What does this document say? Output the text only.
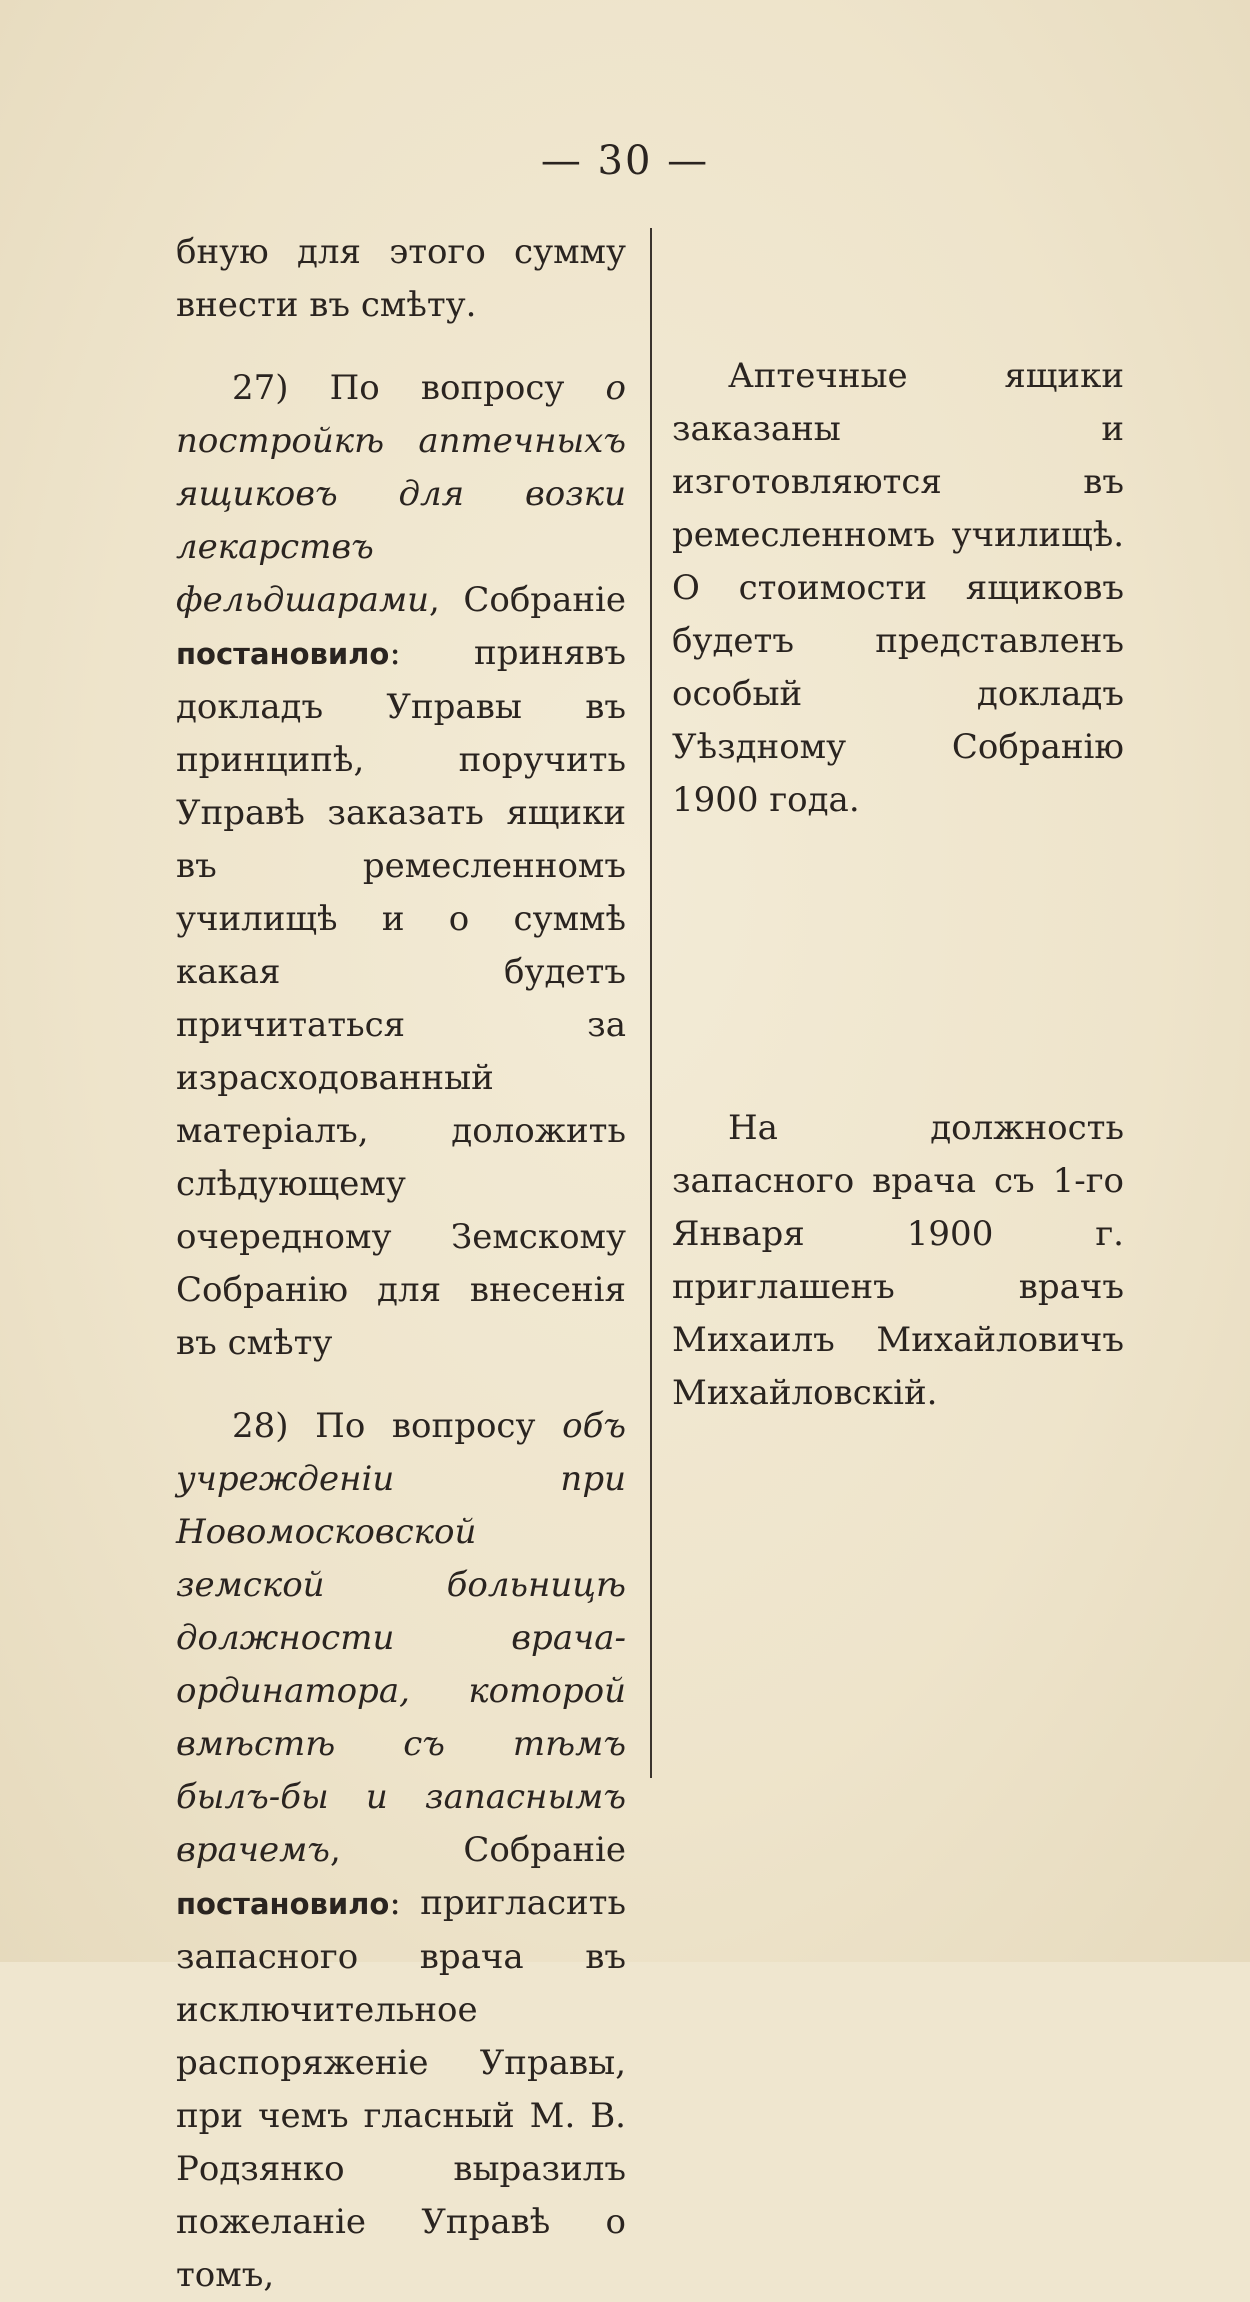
— 30 —

бную для этого сумму внести въ смѣту.

27) По вопросу о постройкѣ аптечныхъ ящиковъ для возки лекарствъ фельдшарами, Собраніе постановило: принявъ докладъ Управы въ принципѣ, поручить Управѣ заказать ящики въ ремесленномъ училищѣ и о суммѣ какая будетъ причитаться за израсходованный матеріалъ, доложить слѣдующему очередному Земскому Собранію для внесенія въ смѣту

28) По вопросу объ учрежденіи при Новомосковской земской больницѣ должности врача-ординатора, которой вмѣстѣ съ тѣмъ былъ-бы и запаснымъ врачемъ, Собраніе постановило: пригласить запасного врача въ исключительное распоряженіе Управы, при чемъ гласный М. В. Родзянко выразилъ пожеланіе Управѣ о томъ,

Аптечные ящики заказаны и изготовляются въ ремесленномъ училищѣ. О стоимости ящиковъ будетъ представленъ особый докладъ Уѣздному Собранію 1900 года.

На должность запасного врача съ 1-го Января 1900 г. приглашенъ врачъ Михаилъ Михайловичъ Михайловскій.
